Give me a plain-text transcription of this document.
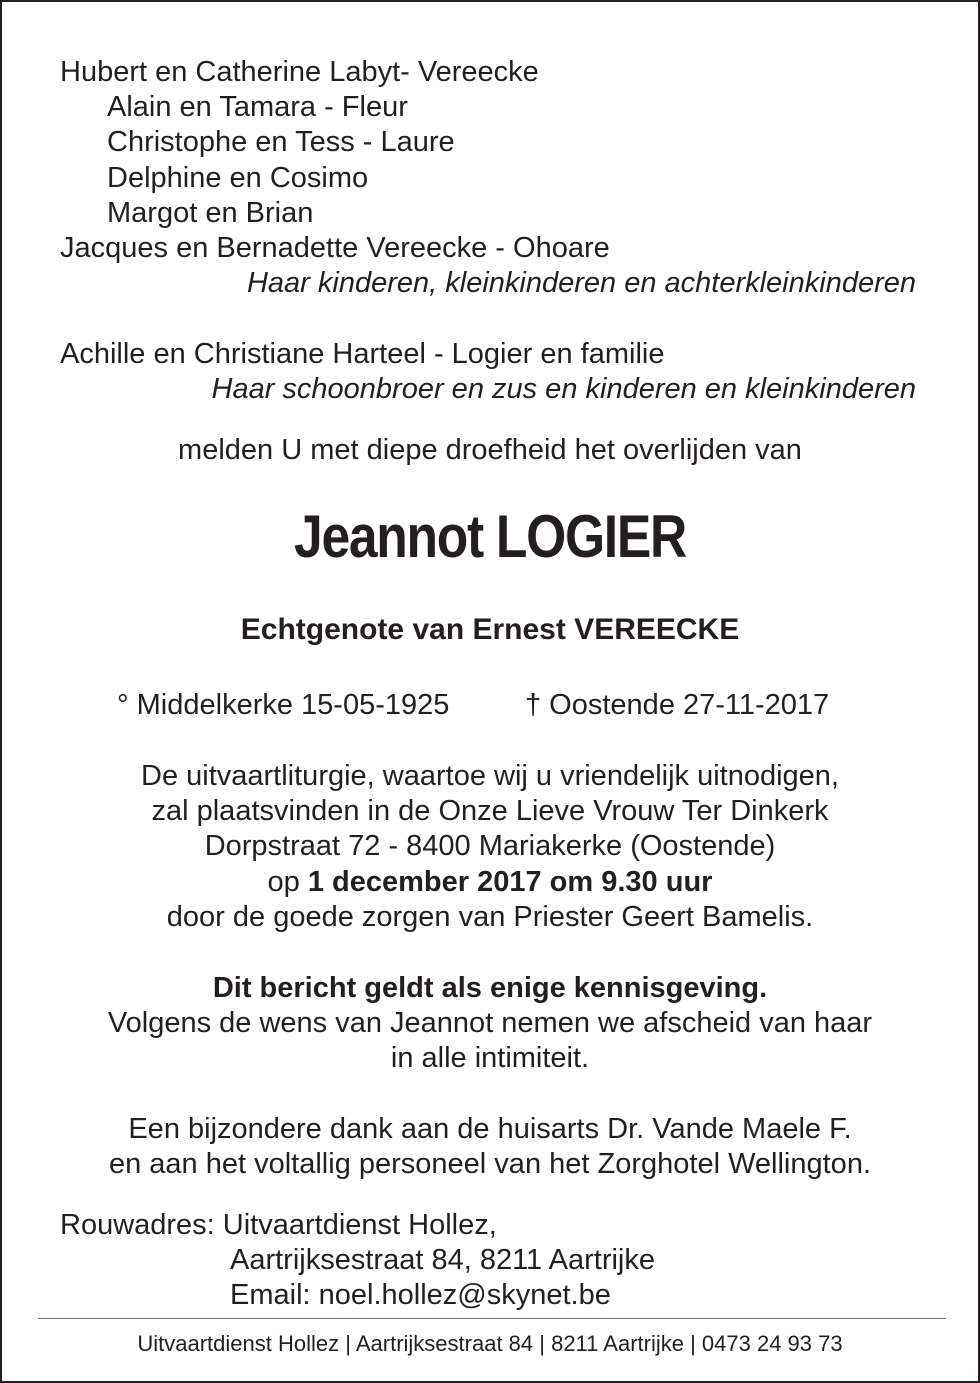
Hubert en Catherine Labyt- Vereecke
Alain en Tamara - Fleur
Christophe en Tess - Laure
Delphine en Cosimo
Margot en Brian
Jacques en Bernadette Vereecke - Ohoare
Haar kinderen, kleinkinderen en achterkleinkinderen
Achille en Christiane Harteel - Logier en familie
Haar schoonbroer en zus en kinderen en kleinkinderen
melden U met diepe droefheid het overlijden van
Jeannot LOGIER
Echtgenote van Ernest VEREECKE
° Middelkerke 15-05-1925	† Oostende 27-11-2017
De uitvaartliturgie, waartoe wij u vriendelijk uitnodigen,
zal plaatsvinden in de Onze Lieve Vrouw Ter Dinkerk
Dorpstraat 72 - 8400 Mariakerke (Oostende)
op 1 december 2017 om 9.30 uur
door de goede zorgen van Priester Geert Bamelis.
Dit bericht geldt als enige kennisgeving.
Volgens de wens van Jeannot nemen we afscheid van haar
in alle intimiteit.
Een bijzondere dank aan de huisarts Dr. Vande Maele F.
en aan het voltallig personeel van het Zorghotel Wellington.
Rouwadres: Uitvaartdienst Hollez,
Aartrijksestraat 84, 8211 Aartrijke
Email: noel.hollez@skynet.be
Uitvaartdienst Hollez | Aartrijksestraat 84 | 8211 Aartrijke | 0473 24 93 73
